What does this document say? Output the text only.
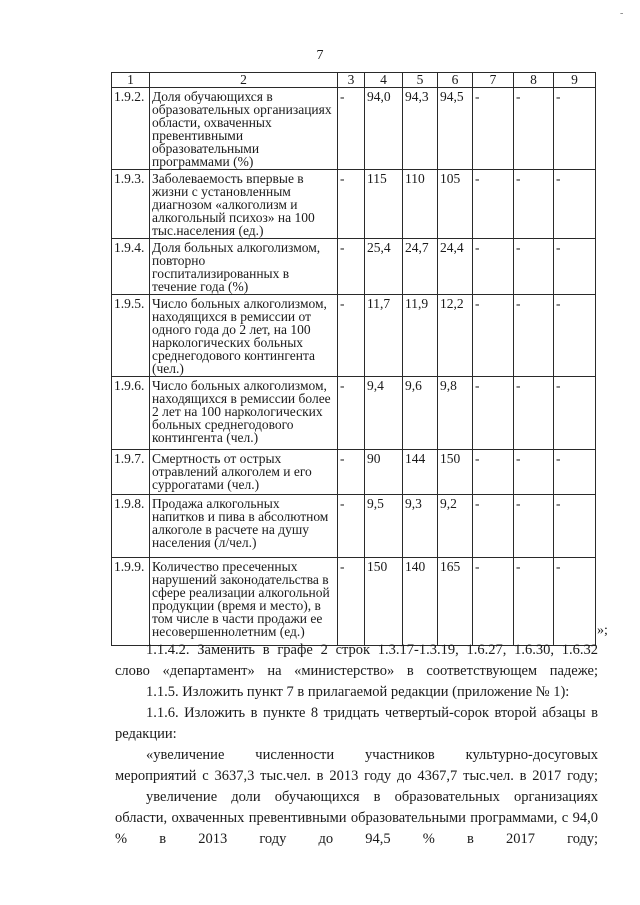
7
-
1	2	3	4	5	6	7	8	9
1.9.2.	Доля обучающихся в образовательных организациях области, охваченных превентивными образовательными программами (%)	-	94,0	94,3	94,5	-	-	-
1.9.3.	Заболеваемость впервые в жизни с установленным диагнозом «алкоголизм и алкогольный психоз» на 100 тыс.населения (ед.)	-	115	110	105	-	-	-
1.9.4.	Доля больных алкоголизмом, повторно госпитализированных в течение года (%)	-	25,4	24,7	24,4	-	-	-
1.9.5.	Число больных алкоголизмом, находящихся в ремиссии от одного года до 2 лет, на 100 наркологических больных среднегодового контингента (чел.)	-	11,7	11,9	12,2	-	-	-
1.9.6.	Число больных алкоголизмом, находящихся в ремиссии более 2 лет на 100 наркологических больных среднегодового контингента (чел.)	-	9,4	9,6	9,8	-	-	-
1.9.7.	Смертность от острых отравлений алкоголем и его суррогатами (чел.)	-	90	144	150	-	-	-
1.9.8.	Продажа алкогольных напитков и пива в абсолютном алкоголе в расчете на душу населения (л/чел.)	-	9,5	9,3	9,2	-	-	-
1.9.9.	Количество пресеченных нарушений законодательства в сфере реализации алкогольной продукции (время и место), в том числе в части продажи ее несовершеннолетним (ед.)	-	150	140	165	-	-	-
»;
1.1.4.2. Заменить в графе 2 строк 1.3.17-1.3.19, 1.6.27, 1.6.30, 1.6.32 слово «департамент» на «министерство» в соответствующем падеже;
1.1.5. Изложить пункт 7 в прилагаемой редакции (приложение № 1):
1.1.6. Изложить в пункте 8 тридцать четвертый-сорок второй абзацы в редакции:
«увеличение численности участников культурно-досуговых мероприятий с 3637,3 тыс.чел. в 2013 году до 4367,7 тыс.чел. в 2017 году;
увеличение доли обучающихся в образовательных организациях области, охваченных превентивными образовательными программами, с 94,0 % в 2013 году до 94,5 % в 2017 году;
